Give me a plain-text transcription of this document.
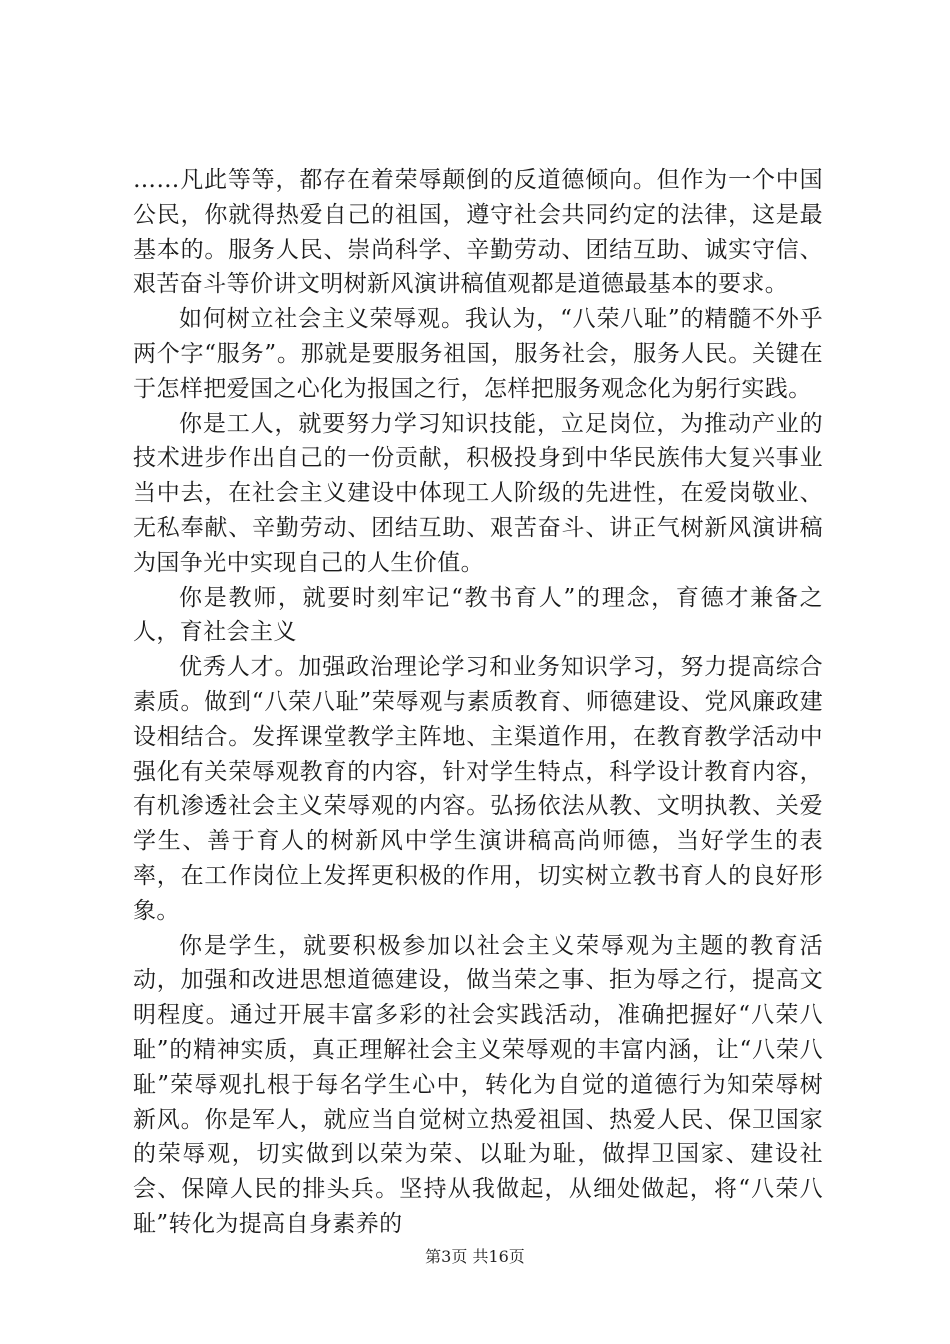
……凡此等等，都存在着荣辱颠倒的反道德倾向。但作为一个中国公民，你就得热爱自己的祖国，遵守社会共同约定的法律，这是最基本的。服务人民、崇尚科学、辛勤劳动、团结互助、诚实守信、艰苦奋斗等价讲文明树新风演讲稿值观都是道德最基本的要求。

如何树立社会主义荣辱观。我认为，“八荣八耻”的精髓不外乎两个字“服务”。那就是要服务祖国，服务社会，服务人民。关键在于怎样把爱国之心化为报国之行，怎样把服务观念化为躬行实践。

你是工人，就要努力学习知识技能，立足岗位，为推动产业的技术进步作出自己的一份贡献，积极投身到中华民族伟大复兴事业当中去，在社会主义建设中体现工人阶级的先进性，在爱岗敬业、无私奉献、辛勤劳动、团结互助、艰苦奋斗、讲正气树新风演讲稿为国争光中实现自己的人生价值。

你是教师，就要时刻牢记“教书育人”的理念，育德才兼备之人，育社会主义

优秀人才。加强政治理论学习和业务知识学习，努力提高综合素质。做到“八荣八耻”荣辱观与素质教育、师德建设、党风廉政建设相结合。发挥课堂教学主阵地、主渠道作用，在教育教学活动中强化有关荣辱观教育的内容，针对学生特点，科学设计教育内容，有机渗透社会主义荣辱观的内容。弘扬依法从教、文明执教、关爱学生、善于育人的树新风中学生演讲稿高尚师德，当好学生的表率，在工作岗位上发挥更积极的作用，切实树立教书育人的良好形象。

你是学生，就要积极参加以社会主义荣辱观为主题的教育活动，加强和改进思想道德建设，做当荣之事、拒为辱之行，提高文明程度。通过开展丰富多彩的社会实践活动，准确把握好“八荣八耻”的精神实质，真正理解社会主义荣辱观的丰富内涵，让“八荣八耻”荣辱观扎根于每名学生心中，转化为自觉的道德行为知荣辱树新风。你是军人，就应当自觉树立热爱祖国、热爱人民、保卫国家的荣辱观，切实做到以荣为荣、以耻为耻，做捍卫国家、建设社会、保障人民的排头兵。坚持从我做起，从细处做起，将“八荣八耻”转化为提高自身素养的

第3页 共16页
